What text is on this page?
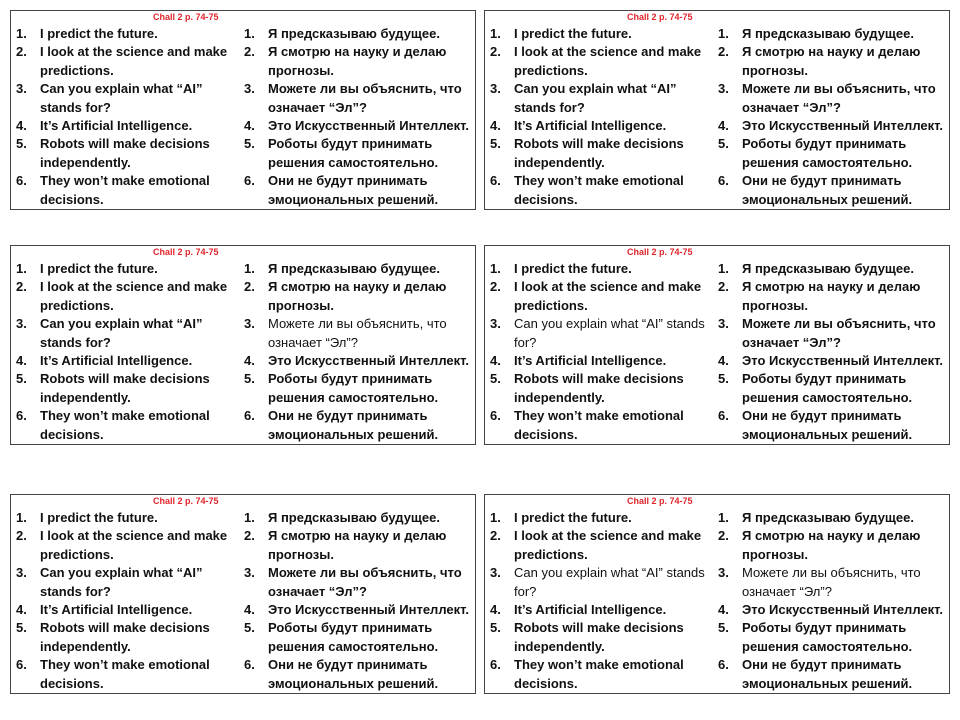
Chall 2 p. 74-75
1.	I predict the future.
2.	I look at the science and make predictions.
3.	Can you explain what “AI” stands for?
4.	It’s Artificial Intelligence.
5.	Robots will make decisions independently.
6.	They won’t make emotional decisions.
1.	Я предсказываю будущее.
2.	Я смотрю на науку и делаю прогнозы.
3.	Можете ли вы объяснить, что означает “Эл”?
4.	Это Искусственный Интеллект.
5.	Роботы будут принимать решения самостоятельно.
6.	Они не будут принимать эмоциональных решений.
Chall 2 p. 74-75
1.	I predict the future.
2.	I look at the science and make predictions.
3.	Can you explain what “AI” stands for?
4.	It’s Artificial Intelligence.
5.	Robots will make decisions independently.
6.	They won’t make emotional decisions.
1.	Я предсказываю будущее.
2.	Я смотрю на науку и делаю прогнозы.
3.	Можете ли вы объяснить, что означает “Эл”?
4.	Это Искусственный Интеллект.
5.	Роботы будут принимать решения самостоятельно.
6.	Они не будут принимать эмоциональных решений.
Chall 2 p. 74-75
1.	I predict the future.
2.	I look at the science and make predictions.
3.	Can you explain what “AI” stands for?
4.	It’s Artificial Intelligence.
5.	Robots will make decisions independently.
6.	They won’t make emotional decisions.
1.	Я предсказываю будущее.
2.	Я смотрю на науку и делаю прогнозы.
3.	Можете ли вы объяснить, что означает “Эл”?
4.	Это Искусственный Интеллект.
5.	Роботы будут принимать решения самостоятельно.
6.	Они не будут принимать эмоциональных решений.
Chall 2 p. 74-75
1.	I predict the future.
2.	I look at the science and make predictions.
3.	Can you explain what “AI” stands for?
4.	It’s Artificial Intelligence.
5.	Robots will make decisions independently.
6.	They won’t make emotional decisions.
1.	Я предсказываю будущее.
2.	Я смотрю на науку и делаю прогнозы.
3.	Можете ли вы объяснить, что означает “Эл”?
4.	Это Искусственный Интеллект.
5.	Роботы будут принимать решения самостоятельно.
6.	Они не будут принимать эмоциональных решений.
Chall 2 p. 74-75
1.	I predict the future.
2.	I look at the science and make predictions.
3.	Can you explain what “AI” stands for?
4.	It’s Artificial Intelligence.
5.	Robots will make decisions independently.
6.	They won’t make emotional decisions.
1.	Я предсказываю будущее.
2.	Я смотрю на науку и делаю прогнозы.
3.	Можете ли вы объяснить, что означает “Эл”?
4.	Это Искусственный Интеллект.
5.	Роботы будут принимать решения самостоятельно.
6.	Они не будут принимать эмоциональных решений.
Chall 2 p. 74-75
1.	I predict the future.
2.	I look at the science and make predictions.
3.	Can you explain what “AI” stands for?
4.	It’s Artificial Intelligence.
5.	Robots will make decisions independently.
6.	They won’t make emotional decisions.
1.	Я предсказываю будущее.
2.	Я смотрю на науку и делаю прогнозы.
3.	Можете ли вы объяснить, что означает “Эл”?
4.	Это Искусственный Интеллект.
5.	Роботы будут принимать решения самостоятельно.
6.	Они не будут принимать эмоциональных решений.
